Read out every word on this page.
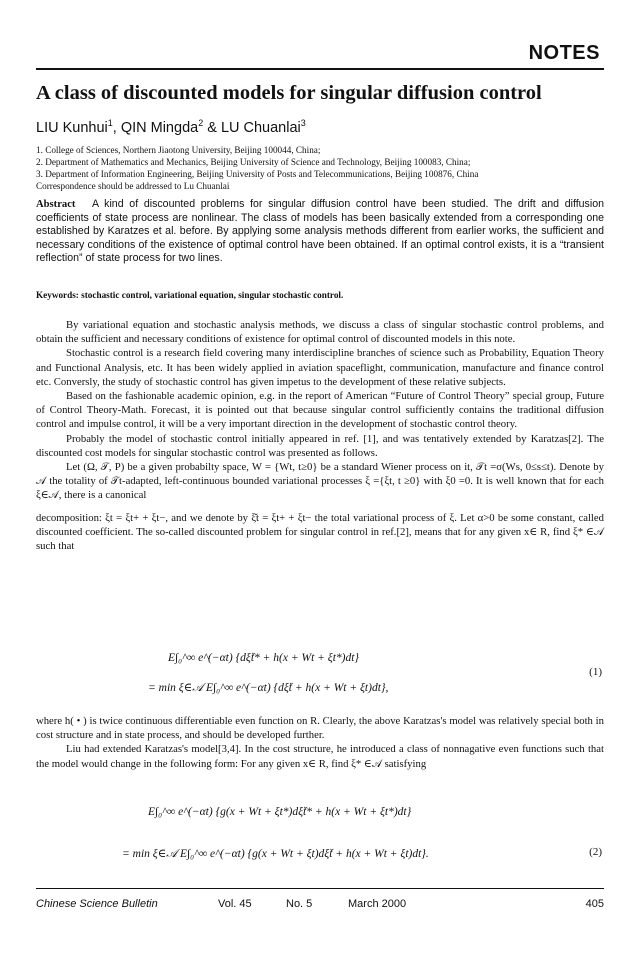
NOTES
A class of discounted models for singular diffusion control
LIU Kunhui$^1$, QIN Mingda$^2$ & LU Chuanlai$^3$
1. College of Sciences, Northern Jiaotong University, Beijing 100044, China;
2. Department of Mathematics and Mechanics, Beijing University of Science and Technology, Beijing 100083, China;
3. Department of Information Engineering, Beijing University of Posts and Telecommunications, Beijing 100876, China
Correspondence should be addressed to Lu Chuanlai
Abstract A kind of discounted problems for singular diffusion control have been studied. The drift and diffusion coefficients of state process are nonlinear. The class of models has been basically extended from a corresponding one established by Karatzes et al. before. By applying some analysis methods different from earlier works, the sufficient and necessary conditions of the existence of optimal control have been obtained. If an optimal control exists, it is a “transient reflection” of state process for two lines.
Keywords: stochastic control, variational equation, singular stochastic control.

By variational equation and stochastic analysis methods, we discuss a class of singular stochastic control problems, and obtain the sufficient and necessary conditions of existence for optimal control of discounted models in this note.

Stochastic control is a research field covering many interdiscipline branches of science such as Probability, Equation Theory and Functional Analysis, etc. It has been widely applied in aviation spaceflight, communication, manufacture and finance control etc. Conversly, the study of stochastic control has given impetus to the development of these relative subjects.

Based on the fashionable academic opinion, e.g. in the report of American “Future of Control Theory” special group, Future of Control Theory-Math. Forecast, it is pointed out that because singular control sufficiently contains the traditional diffusion control and impulse control, it will be a very important direction in the development of stochastic control theory.

Probably the model of stochastic control initially appeared in ref. [1], and was tentatively extended by Karatzas[2]. The discounted cost models for singular stochastic control was presented as follows.

Let (Ω, 𝒯, P) be a given probabilty space, W = {Wt, t≥0} be a standard Wiener process on it, 𝒯t =σ(Ws, 0≤s≤t). Denote by 𝒜 the totality of 𝒯t-adapted, left-continuous bounded variational processes ξ ={ξt, t ≥0} with ξ0 =0. It is well known that for each ξ∈𝒜, there is a canonical

decomposition: ξt = ξt+ + ξt−, and we denote by ξ̌t = ξt+ + ξt− the total variational process of ξ. Let α>0 be some constant, called discounted coefficient. The so-called discounted problem for singular control in ref.[2], means that for any given x∈ R, find ξ* ∈𝒜 such that

E∫₀^∞ e^(−αt) {dξ̌t* + h(x + Wt + ξt*)dt}
= min ξ∈𝒜 E∫₀^∞ e^(−αt) {dξ̌t + h(x + Wt + ξt)dt},
(1)

where h( • ) is twice continuous differentiable even function on R. Clearly, the above Karatzas's model was relatively special both in cost structure and in state process, and should be developed further.

Liu had extended Karatzas's model[3,4]. In the cost structure, he introduced a class of nonnagative even functions such that the model would change in the following form: For any given x∈ R, find ξ* ∈𝒜 satisfying

E∫₀^∞ e^(−αt) {g(x + Wt + ξt*)dξ̌t* + h(x + Wt + ξt*)dt}
= min ξ∈𝒜 E∫₀^∞ e^(−αt) {g(x + Wt + ξt)dξ̌t + h(x + Wt + ξt)dt}.	(2)
Chinese Science Bulletin	Vol. 45	No. 5	March 2000	405
